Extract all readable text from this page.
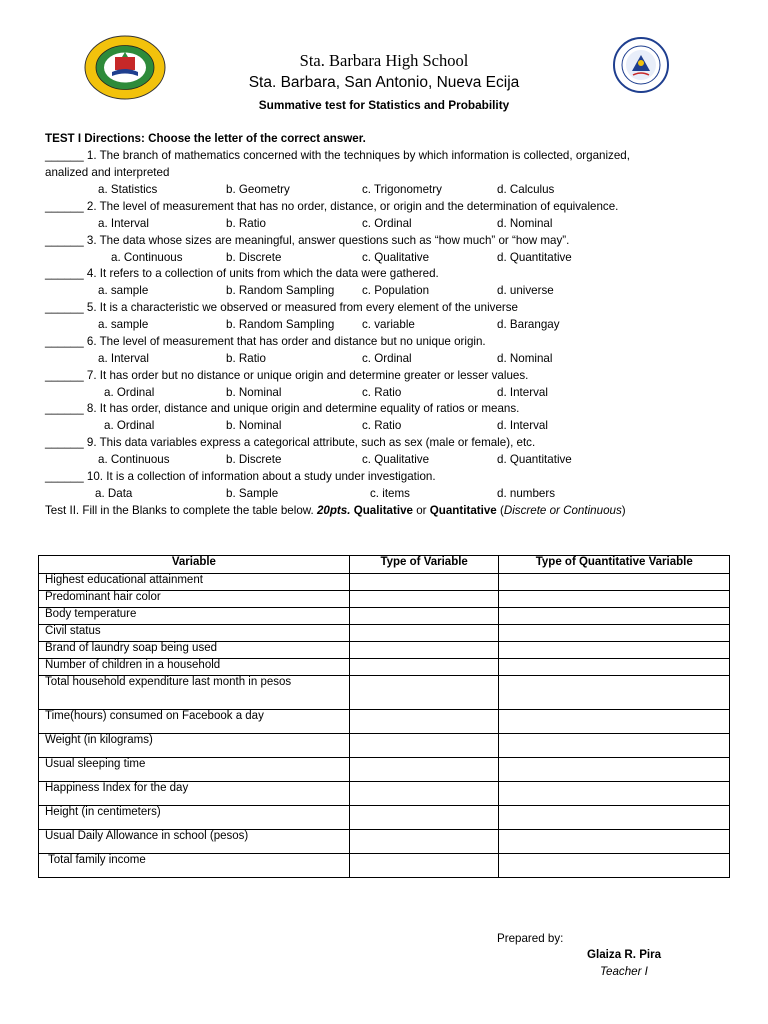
Sta. Barbara High School
Sta. Barbara, San Antonio, Nueva Ecija
Summative test for Statistics and Probability
TEST I Directions: Choose the letter of the correct answer.
______ 1. The branch of mathematics concerned with the techniques by which information is collected, organized,
analized and interpreted
a. Statistics	b. Geometry	c. Trigonometry	d. Calculus
______ 2. The level of measurement that has no order, distance, or origin and the determination of equivalence.
a. Interval	b. Ratio	c. Ordinal	d. Nominal
______ 3. The data whose sizes are meaningful, answer questions such as “how much” or “how may”.
a. Continuous	b. Discrete	c. Qualitative	d. Quantitative
______ 4. It refers to a collection of units from which the data were gathered.
a. sample	b. Random Sampling c. Population	d. universe
______ 5. It is a characteristic we observed or measured from every element of the universe
a. sample	b. Random Sampling c. variable	d. Barangay
______ 6. The level of measurement that has order and distance but no unique origin.
a. Interval	b. Ratio	c. Ordinal	d. Nominal
______ 7. It has order but no distance or unique origin and determine greater or lesser values.
a. Ordinal	b. Nominal	c. Ratio	d. Interval
______ 8. It has order, distance and unique origin and determine equality of ratios or means.
a. Ordinal	b. Nominal	c. Ratio	d. Interval
______ 9. This data variables express a categorical attribute, such as sex (male or female), etc.
a. Continuous	b. Discrete	c. Qualitative	d. Quantitative
______ 10. It is a collection of information about a study under investigation.
a. Data	b. Sample	c. items	d. numbers
Test II. Fill in the Blanks to complete the table below. 20pts. Qualitative or Quantitative (Discrete or Continuous)
Variable	Type of Variable	Type of Quantitative Variable
Highest educational attainment		
Predominant hair color		
Body temperature		
Civil status		
Brand of laundry soap being used		
Number of children in a household		
Total household expenditure last month in pesos		
Time(hours) consumed on Facebook a day		
Weight (in kilograms)		
Usual sleeping time		
Happiness Index for the day		
Height (in centimeters)		
Usual Daily Allowance in school (pesos)		
Total family income		
Prepared by:
Glaiza R. Pira
Teacher I
